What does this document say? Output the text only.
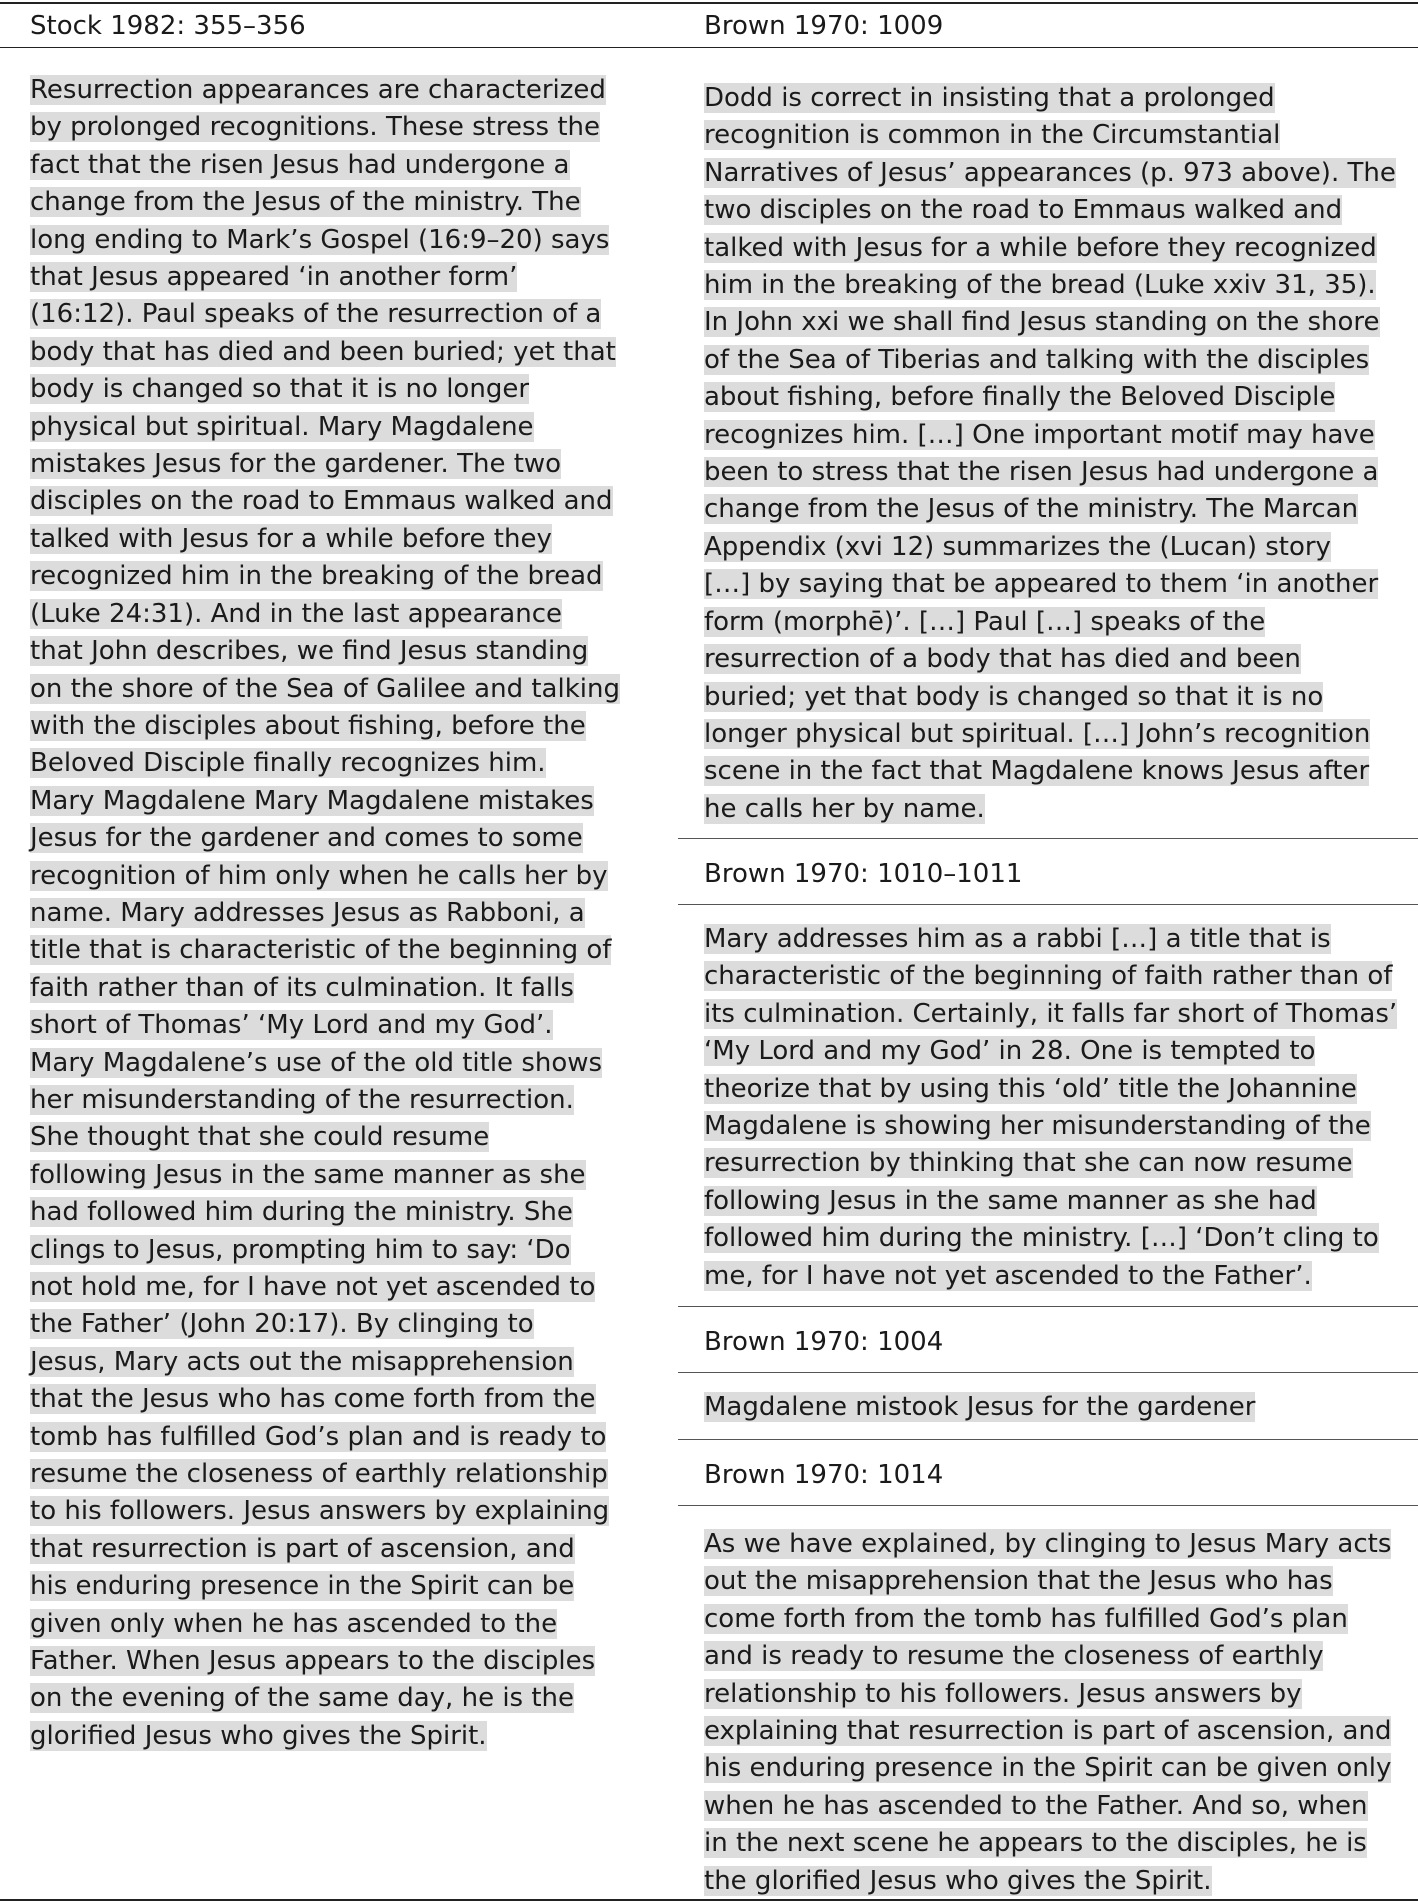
Stock 1982: 355–356	Brown 1970: 1009
Resurrection appearances are characterized
by prolonged recognitions. These stress the
fact that the risen Jesus had undergone a
change from the Jesus of the ministry. The
long ending to Mark’s Gospel (16:9–20) says
that Jesus appeared ‘in another form’
(16:12). Paul speaks of the resurrection of a
body that has died and been buried; yet that
body is changed so that it is no longer
physical but spiritual. Mary Magdalene
mistakes Jesus for the gardener. The two
disciples on the road to Emmaus walked and
talked with Jesus for a while before they
recognized him in the breaking of the bread
(Luke 24:31). And in the last appearance
that John describes, we find Jesus standing
on the shore of the Sea of Galilee and talking
with the disciples about fishing, before the
Beloved Disciple finally recognizes him.
Mary Magdalene Mary Magdalene mistakes
Jesus for the gardener and comes to some
recognition of him only when he calls her by
name. Mary addresses Jesus as Rabboni, a
title that is characteristic of the beginning of
faith rather than of its culmination. It falls
short of Thomas’ ‘My Lord and my God’.
Mary Magdalene’s use of the old title shows
her misunderstanding of the resurrection.
She thought that she could resume
following Jesus in the same manner as she
had followed him during the ministry. She
clings to Jesus, prompting him to say: ‘Do
not hold me, for I have not yet ascended to
the Father’ (John 20:17). By clinging to
Jesus, Mary acts out the misapprehension
that the Jesus who has come forth from the
tomb has fulfilled God’s plan and is ready to
resume the closeness of earthly relationship
to his followers. Jesus answers by explaining
that resurrection is part of ascension, and
his enduring presence in the Spirit can be
given only when he has ascended to the
Father. When Jesus appears to the disciples
on the evening of the same day, he is the
glorified Jesus who gives the Spirit.
Dodd is correct in insisting that a prolonged
recognition is common in the Circumstantial
Narratives of Jesus’ appearances (p. 973 above). The
two disciples on the road to Emmaus walked and
talked with Jesus for a while before they recognized
him in the breaking of the bread (Luke xxiv 31, 35).
In John xxi we shall find Jesus standing on the shore
of the Sea of Tiberias and talking with the disciples
about fishing, before finally the Beloved Disciple
recognizes him. […] One important motif may have
been to stress that the risen Jesus had undergone a
change from the Jesus of the ministry. The Marcan
Appendix (xvi 12) summarizes the (Lucan) story
[…] by saying that be appeared to them ‘in another
form (morphē)’. […] Paul […] speaks of the
resurrection of a body that has died and been
buried; yet that body is changed so that it is no
longer physical but spiritual. […] John’s recognition
scene in the fact that Magdalene knows Jesus after
he calls her by name.
Brown 1970: 1010–1011
Mary addresses him as a rabbi […] a title that is
characteristic of the beginning of faith rather than of
its culmination. Certainly, it falls far short of Thomas’
‘My Lord and my God’ in 28. One is tempted to
theorize that by using this ‘old’ title the Johannine
Magdalene is showing her misunderstanding of the
resurrection by thinking that she can now resume
following Jesus in the same manner as she had
followed him during the ministry. […] ‘Don’t cling to
me, for I have not yet ascended to the Father’.
Brown 1970: 1004
Magdalene mistook Jesus for the gardener
Brown 1970: 1014
As we have explained, by clinging to Jesus Mary acts
out the misapprehension that the Jesus who has
come forth from the tomb has fulfilled God’s plan
and is ready to resume the closeness of earthly
relationship to his followers. Jesus answers by
explaining that resurrection is part of ascension, and
his enduring presence in the Spirit can be given only
when he has ascended to the Father. And so, when
in the next scene he appears to the disciples, he is
the glorified Jesus who gives the Spirit.
